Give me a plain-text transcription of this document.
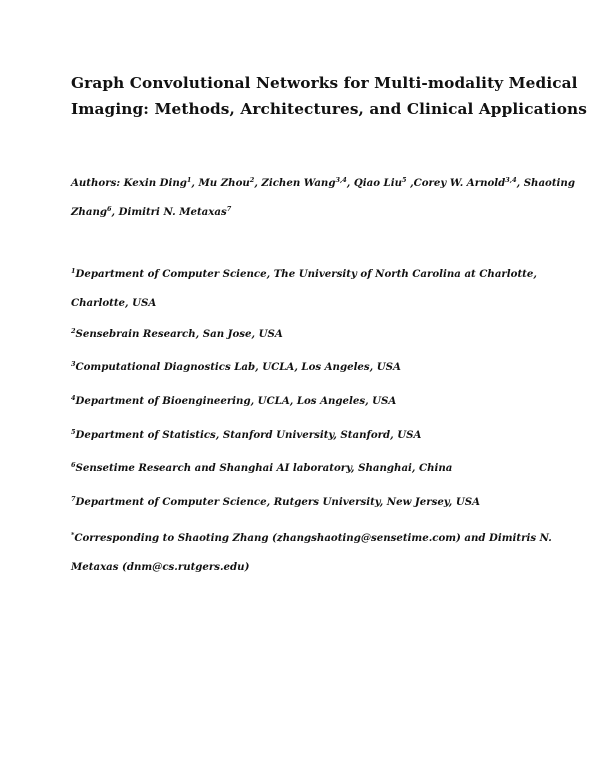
Graph Convolutional Networks for Multi-modality Medical
Imaging: Methods, Architectures, and Clinical Applications

Authors: Kexin Ding$^1$, Mu Zhou$^2$, Zichen Wang$^{3,4}$, Qiao Liu$^5$ ,Corey W. Arnold$^{3,4}$, Shaoting
Zhang$^6$, Dimitri N. Metaxas$^7$

$^1$Department of Computer Science, The University of North Carolina at Charlotte,
Charlotte, USA

$^2$Sensebrain Research, San Jose, USA

$^3$Computational Diagnostics Lab, UCLA, Los Angeles, USA

$^4$Department of Bioengineering, UCLA, Los Angeles, USA

$^5$Department of Statistics, Stanford University, Stanford, USA

$^6$Sensetime Research and Shanghai AI laboratory, Shanghai, China

$^7$Department of Computer Science, Rutgers University, New Jersey, USA

*Corresponding to Shaoting Zhang (zhangshaoting@sensetime.com) and Dimitris N.
Metaxas (dnm@cs.rutgers.edu)
